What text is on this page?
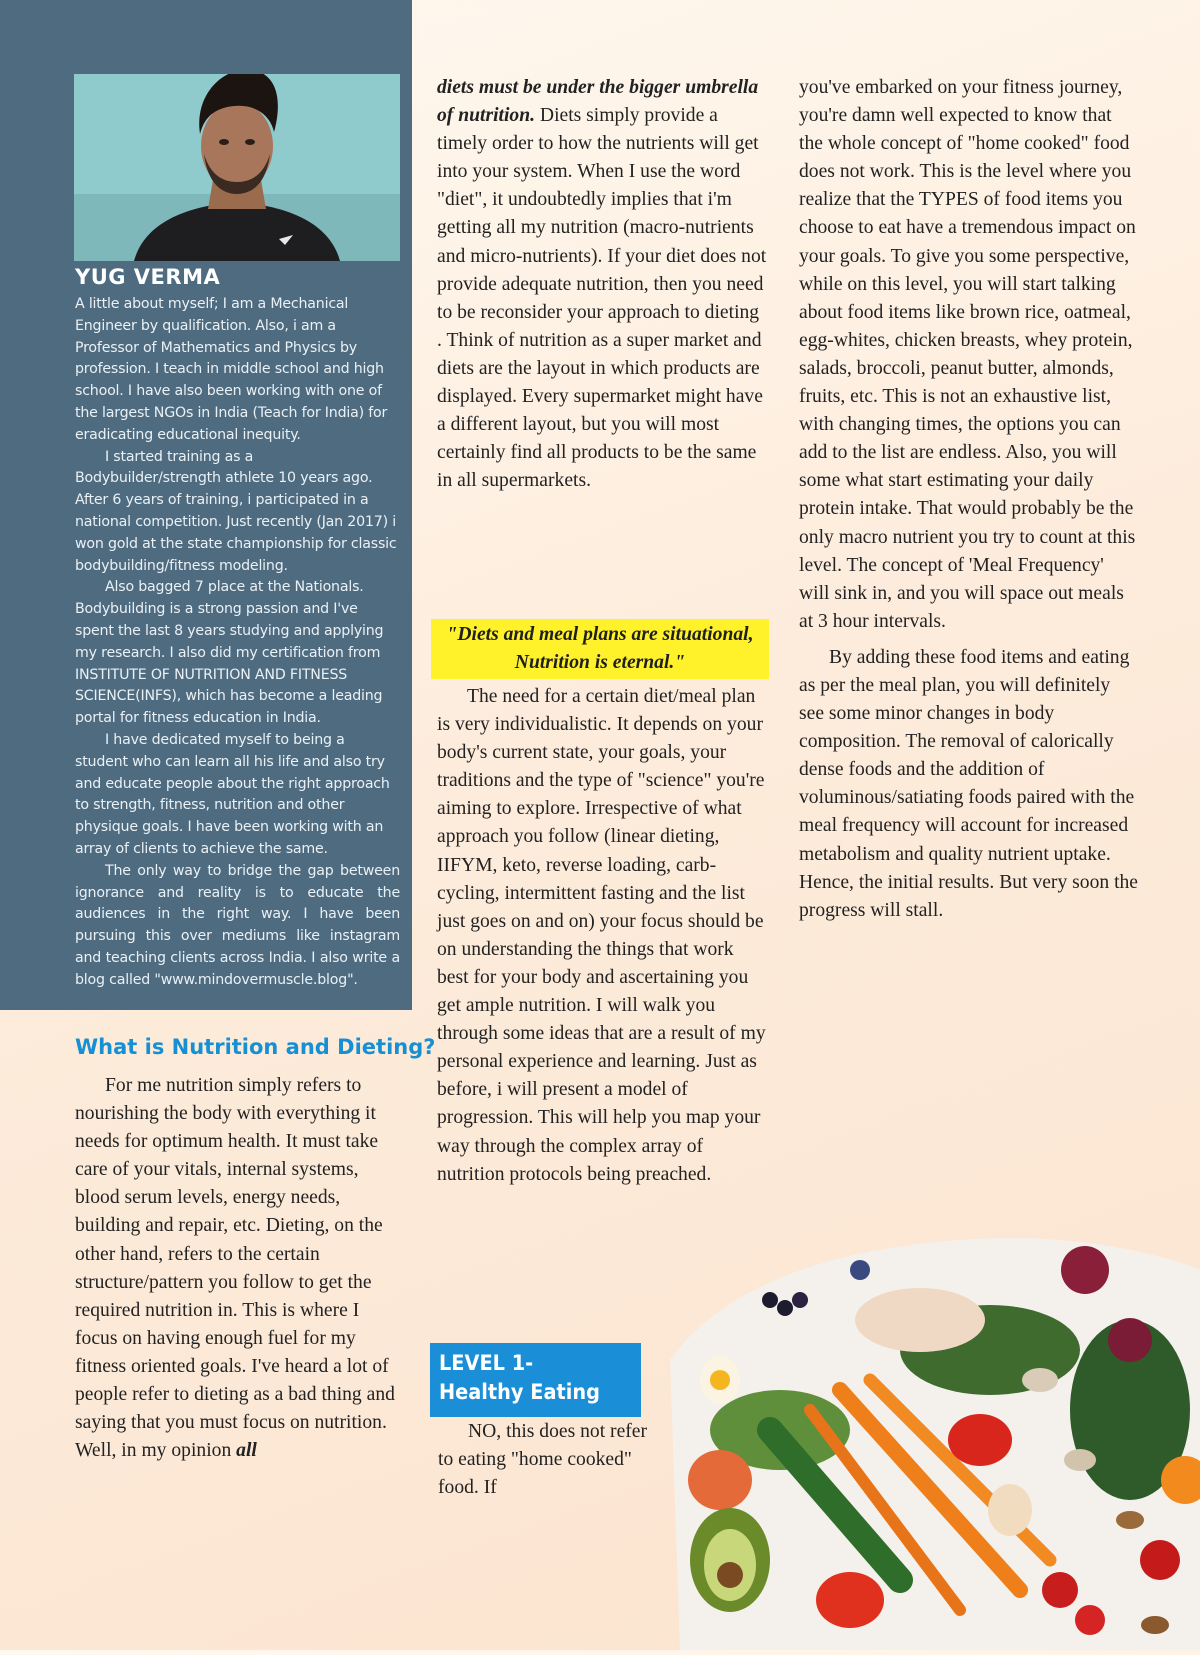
YUG VERMA

A little about myself; I am a Mechanical Engineer by qualification. Also, i am a Professor of Mathematics and Physics by profession. I teach in middle school and high school. I have also been working with one of the largest NGOs in India (Teach for India) for eradicating educational inequity.

I started training as a Bodybuilder/strength athlete 10 years ago. After 6 years of training, i participated in a national competition. Just recently (Jan 2017) i won gold at the state championship for classic bodybuilding/fitness modeling.

Also bagged 7 place at the Nationals. Bodybuilding is a strong passion and I've spent the last 8 years studying and applying my research. I also did my certification from INSTITUTE OF NUTRITION AND FITNESS SCIENCE(INFS), which has become a leading portal for fitness education in India.

I have dedicated myself to being a student who can learn all his life and also try and educate people about the right approach to strength, fitness, nutrition and other physique goals. I have been working with an array of clients to achieve the same.

The only way to bridge the gap between ignorance and reality is to educate the audiences in the right way. I have been pursuing this over mediums like instagram and teaching clients across India. I also write a blog called "www.mindovermuscle.blog".

What is Nutrition and Dieting?

For me nutrition simply refers to nourishing the body with everything it needs for optimum health. It must take care of your vitals, internal systems, blood serum levels, energy needs, building and repair, etc. Dieting, on the other hand, refers to the certain structure/pattern you follow to get the required nutrition in. This is where I focus on having enough fuel for my fitness oriented goals. I've heard a lot of people refer to dieting as a bad thing and saying that you must focus on nutrition. Well, in my opinion all

diets must be under the bigger umbrella of nutrition. Diets simply provide a timely order to how the nutrients will get into your system. When I use the word "diet", it undoubtedly implies that i'm getting all my nutrition (macro-nutrients and micro-nutrients). If your diet does not provide adequate nutrition, then you need to be reconsider your approach to dieting . Think of nutrition as a super market and diets are the layout in which products are displayed. Every supermarket might have a different layout, but you will most certainly find all products to be the same in all supermarkets.

"Diets and meal plans are situational, Nutrition is eternal."

The need for a certain diet/meal plan is very individualistic. It depends on your body's current state, your goals, your traditions and the type of "science" you're aiming to explore. Irrespective of what approach you follow (linear dieting, IIFYM, keto, reverse loading, carb-cycling, intermittent fasting and the list just goes on and on) your focus should be on understanding the things that work best for your body and ascertaining you get ample nutrition. I will walk you through some ideas that are a result of my personal experience and learning. Just as before, i will present a model of progression. This will help you map your way through the complex array of nutrition protocols being preached.

LEVEL 1-
Healthy Eating

NO, this does not refer to eating "home cooked" food. If

you've embarked on your fitness journey, you're damn well expected to know that the whole concept of "home cooked" food does not work. This is the level where you realize that the TYPES of food items you choose to eat have a tremendous impact on your goals. To give you some perspective, while on this level, you will start talking about food items like brown rice, oatmeal, egg-whites, chicken breasts, whey protein, salads, broccoli, peanut butter, almonds, fruits, etc. This is not an exhaustive list, with changing times, the options you can add to the list are endless. Also, you will some what start estimating your daily protein intake. That would probably be the only macro nutrient you try to count at this level. The concept of 'Meal Frequency' will sink in, and you will space out meals at 3 hour intervals.

By adding these food items and eating as per the meal plan, you will definitely see some minor changes in body composition. The removal of calorically dense foods and the addition of voluminous/satiating foods paired with the meal frequency will account for increased metabolism and quality nutrient uptake. Hence, the initial results. But very soon the progress will stall.
